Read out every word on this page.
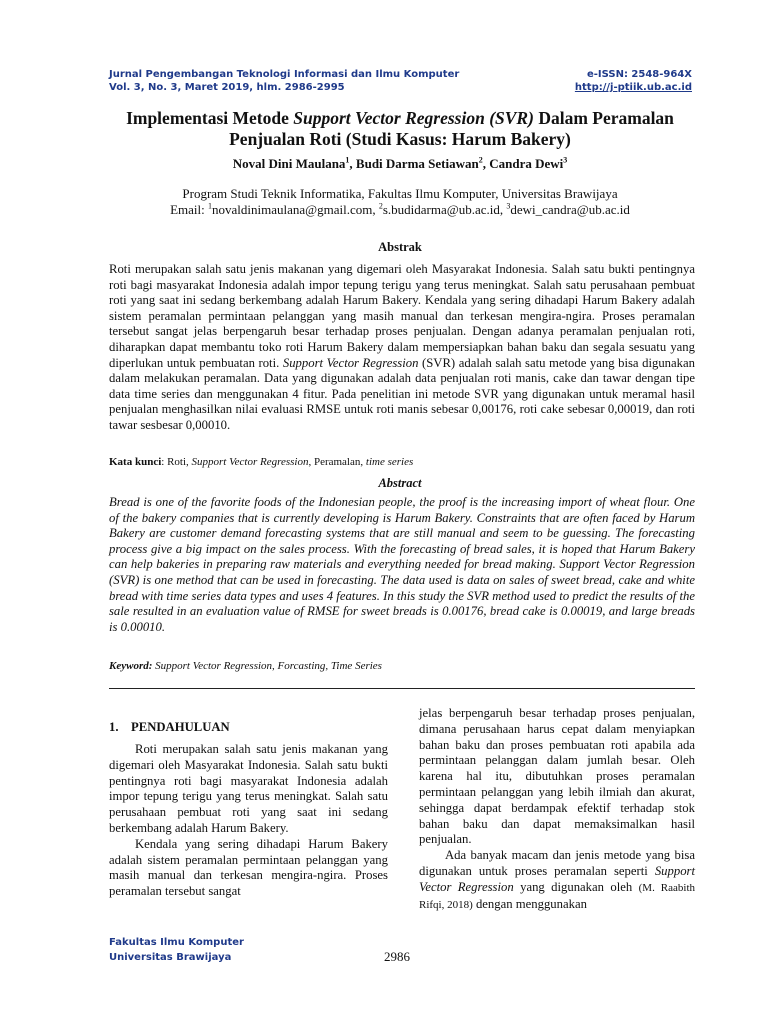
Jurnal Pengembangan Teknologi Informasi dan Ilmu Komputer
Vol. 3, No. 3, Maret 2019, hlm. 2986-2995
e-ISSN: 2548-964X
http://j-ptiik.ub.ac.id
Implementasi Metode Support Vector Regression (SVR) Dalam Peramalan Penjualan Roti (Studi Kasus: Harum Bakery)
Noval Dini Maulana$^1$, Budi Darma Setiawan$^2$, Candra Dewi$^3$
Program Studi Teknik Informatika, Fakultas Ilmu Komputer, Universitas Brawijaya
Email: $^1$novaldinimaulana@gmail.com, $^2$s.budidarma@ub.ac.id, $^3$dewi_candra@ub.ac.id
Abstrak
Roti merupakan salah satu jenis makanan yang digemari oleh Masyarakat Indonesia. Salah satu bukti pentingnya roti bagi masyarakat Indonesia adalah impor tepung terigu yang terus meningkat. Salah satu perusahaan pembuat roti yang saat ini sedang berkembang adalah Harum Bakery. Kendala yang sering dihadapi Harum Bakery adalah sistem peramalan permintaan pelanggan yang masih manual dan terkesan mengira-ngira. Proses peramalan tersebut sangat jelas berpengaruh besar terhadap proses penjualan. Dengan adanya peramalan penjualan roti, diharapkan dapat membantu toko roti Harum Bakery dalam mempersiapkan bahan baku dan segala sesuatu yang diperlukan untuk pembuatan roti. Support Vector Regression (SVR) adalah salah satu metode yang bisa digunakan dalam melakukan peramalan. Data yang digunakan adalah data penjualan roti manis, cake dan tawar dengan tipe data time series dan menggunakan 4 fitur. Pada penelitian ini metode SVR yang digunakan untuk meramal hasil penjualan menghasilkan nilai evaluasi RMSE untuk roti manis sebesar 0,00176, roti cake sebesar 0,00019, dan roti tawar sesbesar 0,00010.
Kata kunci: Roti, Support Vector Regression, Peramalan, time series
Abstract
Bread is one of the favorite foods of the Indonesian people, the proof is the increasing import of wheat flour. One of the bakery companies that is currently developing is Harum Bakery. Constraints that are often faced by Harum Bakery are customer demand forecasting systems that are still manual and seem to be guessing. The forecasting process give a big impact on the sales process. With the forecasting of bread sales, it is hoped that Harum Bakery can help bakeries in preparing raw materials and everything needed for bread making. Support Vector Regression (SVR) is one method that can be used in forecasting. The data used is data on sales of sweet bread, cake and white bread with time series data types and uses 4 features. In this study the SVR method used to predict the results of the sale resulted in an evaluation value of RMSE for sweet breads is 0.00176, bread cake is 0.00019, and large breads is 0.00010.
Keyword: Support Vector Regression, Forcasting, Time Series
1. PENDAHULUAN

Roti merupakan salah satu jenis makanan yang digemari oleh Masyarakat Indonesia. Salah satu bukti pentingnya roti bagi masyarakat Indonesia adalah impor tepung terigu yang terus meningkat. Salah satu perusahaan pembuat roti yang saat ini sedang berkembang adalah Harum Bakery.

Kendala yang sering dihadapi Harum Bakery adalah sistem peramalan permintaan pelanggan yang masih manual dan terkesan mengira-ngira. Proses peramalan tersebut sangat

jelas berpengaruh besar terhadap proses penjualan, dimana perusahaan harus cepat dalam menyiapkan bahan baku dan proses pembuatan roti apabila ada permintaan pelanggan dalam jumlah besar. Oleh karena hal itu, dibutuhkan proses peramalan permintaan pelanggan yang lebih ilmiah dan akurat, sehingga dapat berdampak efektif terhadap stok bahan baku dan dapat memaksimalkan hasil penjualan.

Ada banyak macam dan jenis metode yang bisa digunakan untuk proses peramalan seperti Support Vector Regression yang digunakan oleh (M. Raabith Rifqi, 2018) dengan menggunakan

Fakultas Ilmu Komputer
Universitas Brawijaya	2986
